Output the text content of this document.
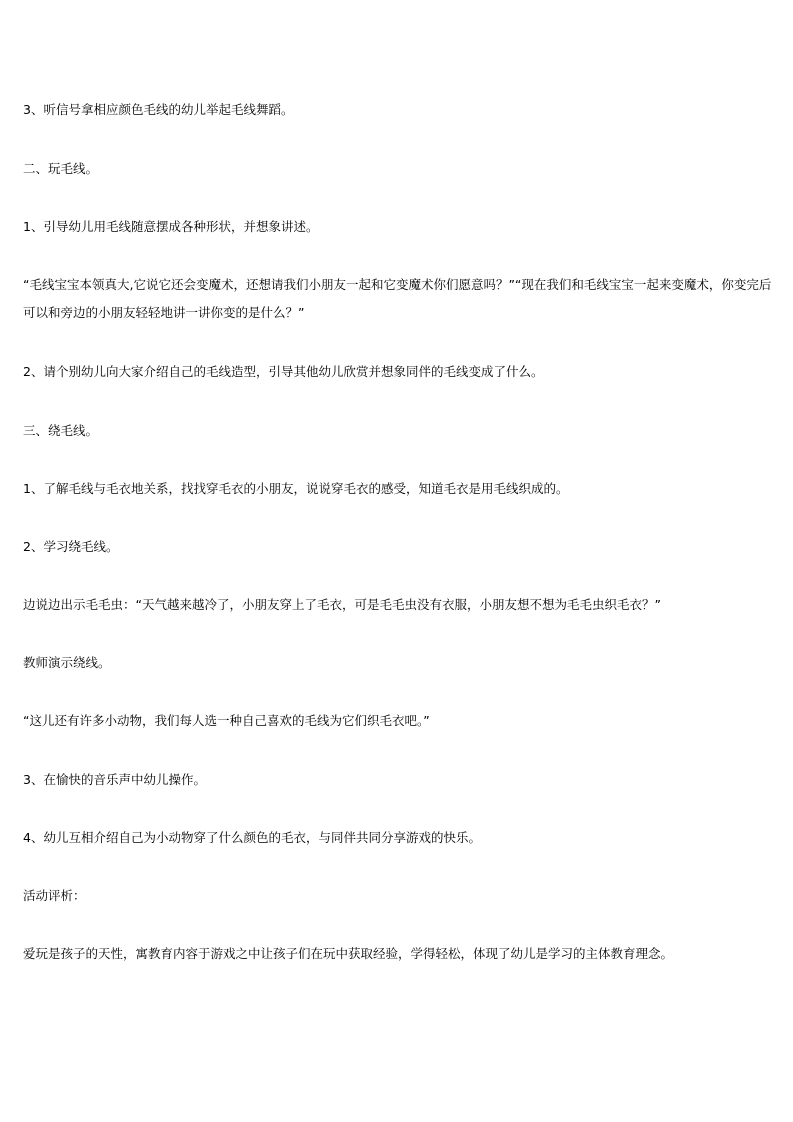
3、听信号拿相应颜色毛线的幼儿举起毛线舞蹈。

二、玩毛线。

1、引导幼儿用毛线随意摆成各种形状，并想象讲述。

“毛线宝宝本领真大,它说它还会变魔术，还想请我们小朋友一起和它变魔术你们愿意吗？”“现在我们和毛线宝宝一起来变魔术，你变完后可以和旁边的小朋友轻轻地讲一讲你变的是什么？”

2、请个别幼儿向大家介绍自己的毛线造型，引导其他幼儿欣赏并想象同伴的毛线变成了什么。

三、绕毛线。

1、了解毛线与毛衣地关系，找找穿毛衣的小朋友，说说穿毛衣的感受，知道毛衣是用毛线织成的。

2、学习绕毛线。

边说边出示毛毛虫：“天气越来越冷了，小朋友穿上了毛衣，可是毛毛虫没有衣服，小朋友想不想为毛毛虫织毛衣？”

教师演示绕线。

“这儿还有许多小动物，我们每人选一种自己喜欢的毛线为它们织毛衣吧。”

3、在愉快的音乐声中幼儿操作。

4、幼儿互相介绍自己为小动物穿了什么颜色的毛衣，与同伴共同分享游戏的快乐。

活动评析：

爱玩是孩子的天性，寓教育内容于游戏之中让孩子们在玩中获取经验，学得轻松，体现了幼儿是学习的主体教育理念。
